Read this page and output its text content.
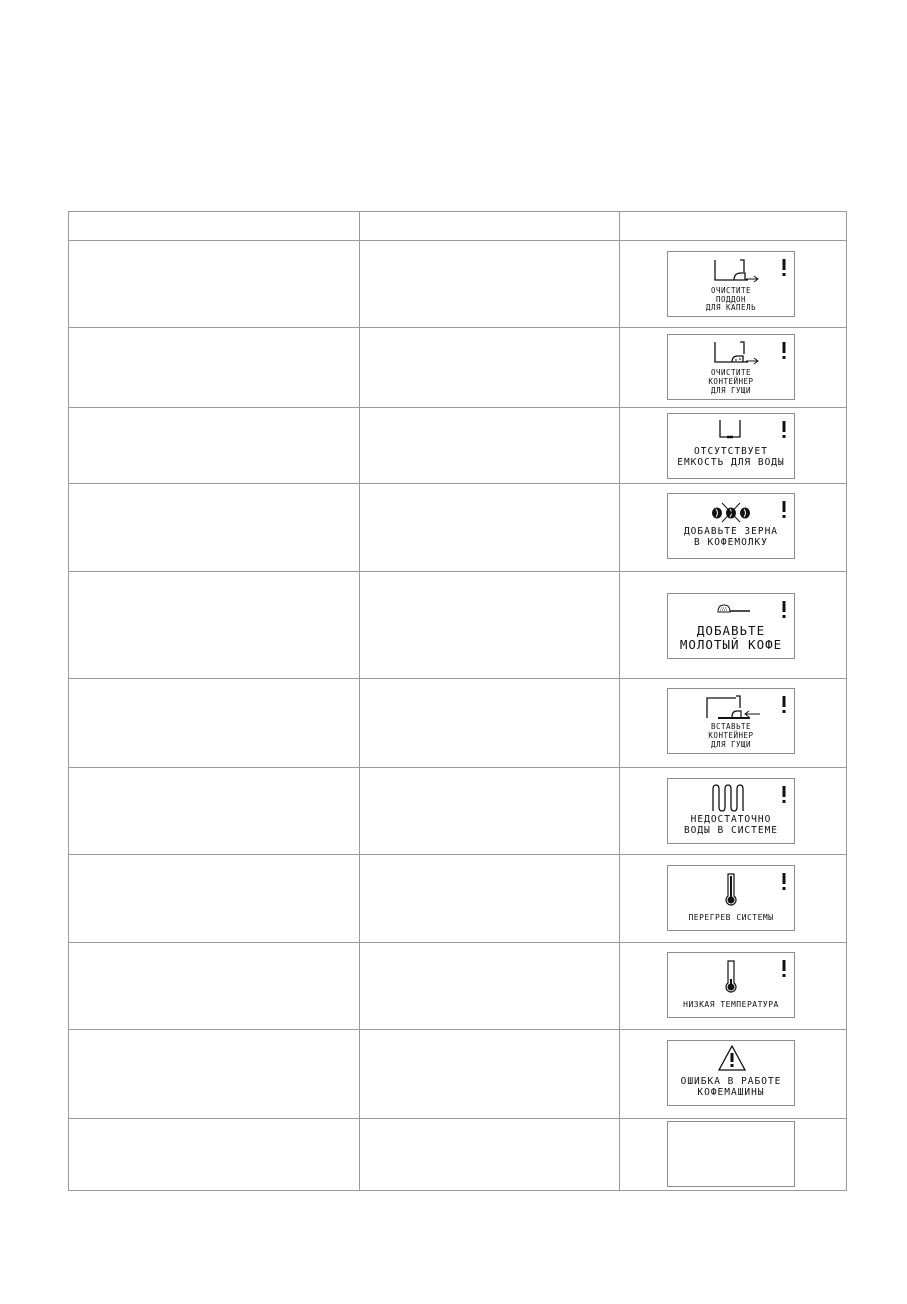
		ОЧИСТИТЕ
ПОДДОН
ДЛЯ КАПЕЛЬ

		ОЧИСТИТЕ
КОНТЕЙНЕР
ДЛЯ ГУЩИ

		ОТСУТСТВУЕТ
ЕМКОСТЬ ДЛЯ ВОДЫ

		ДОБАВЬТЕ ЗЕРНА
В КОФЕМОЛКУ

		ДОБАВЬТЕ
МОЛОТЫЙ КОФЕ

		ВСТАВЬТЕ
КОНТЕЙНЕР
ДЛЯ ГУЩИ

		НЕДОСТАТОЧНО
ВОДЫ В СИСТЕМЕ

		ПЕРЕГРЕВ СИСТЕМЫ

		НИЗКАЯ ТЕМПЕРАТУРА

		ОШИБКА В РАБОТЕ
КОФЕМАШИНЫ
